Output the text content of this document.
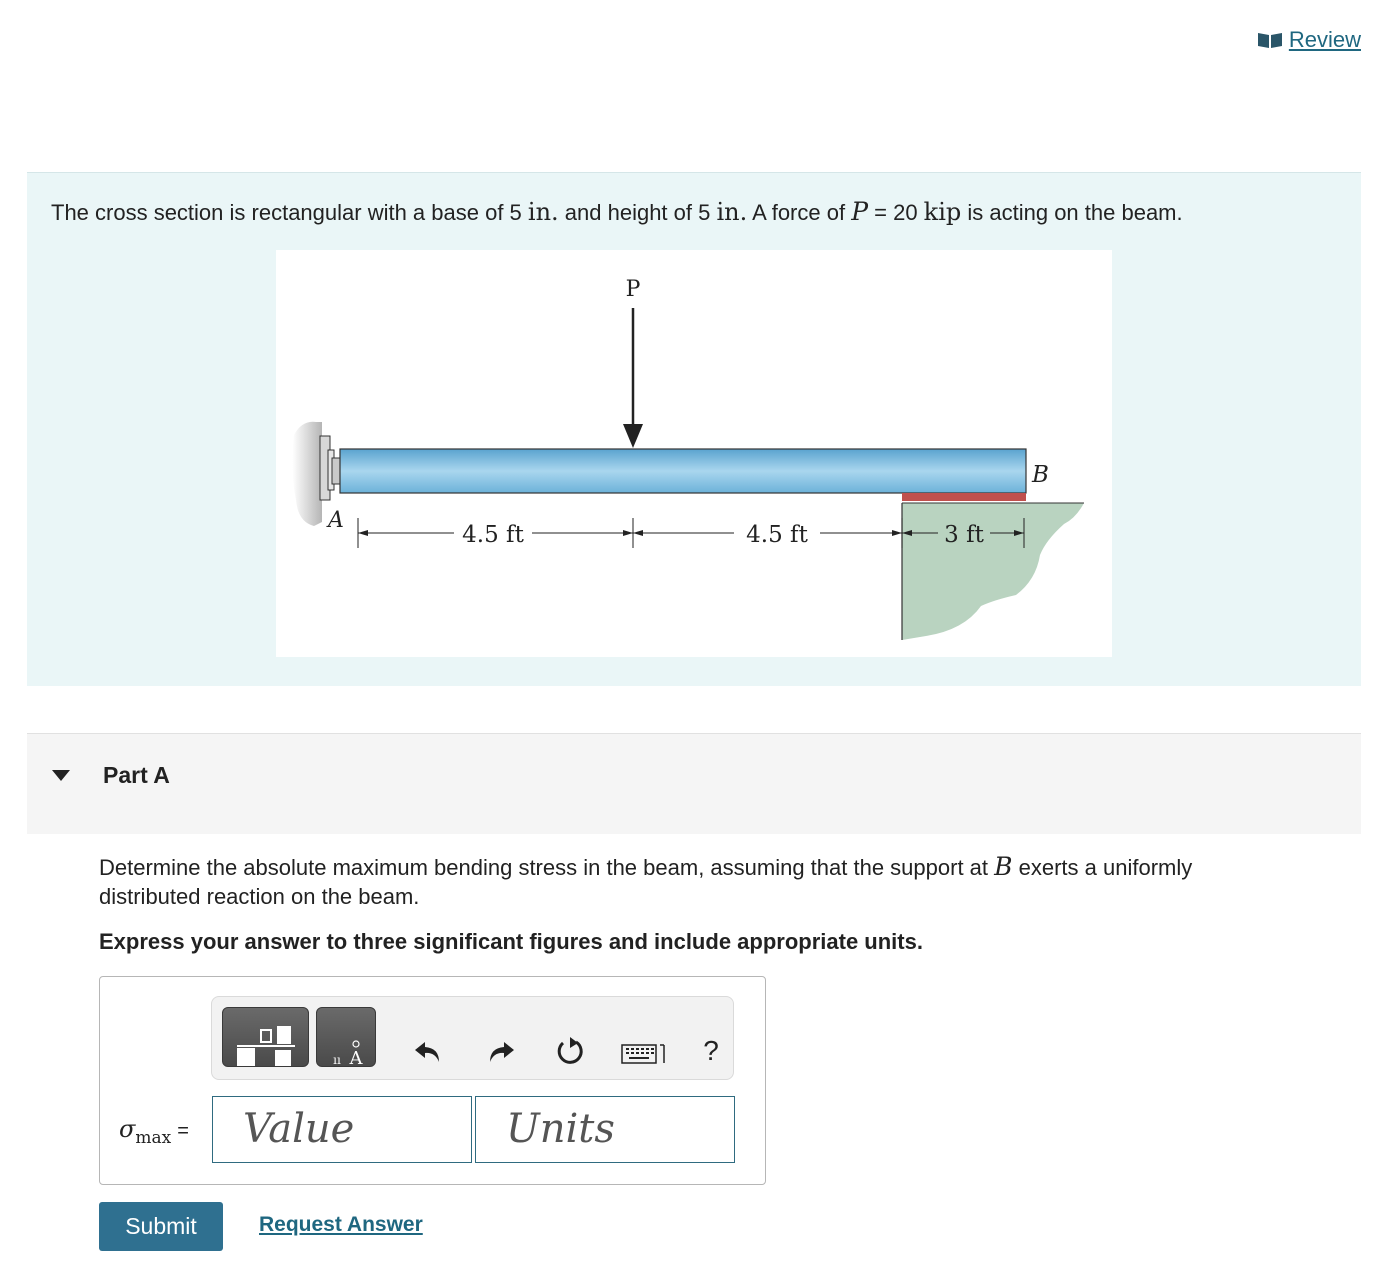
Review
The cross section is rectangular with a base of 5 in. and height of 5 in. A force of P = 20 kip is acting on the beam.
P
A
B
4.5 ft	4.5 ft	3 ft
Part A
Determine the absolute maximum bending stress in the beam, assuming that the support at B exerts a uniformly distributed reaction on the beam.
Express your answer to three significant figures and include appropriate units.
A
ıı	?
$\sigma_{max}$ =	Value	Units
Submit	Request Answer
